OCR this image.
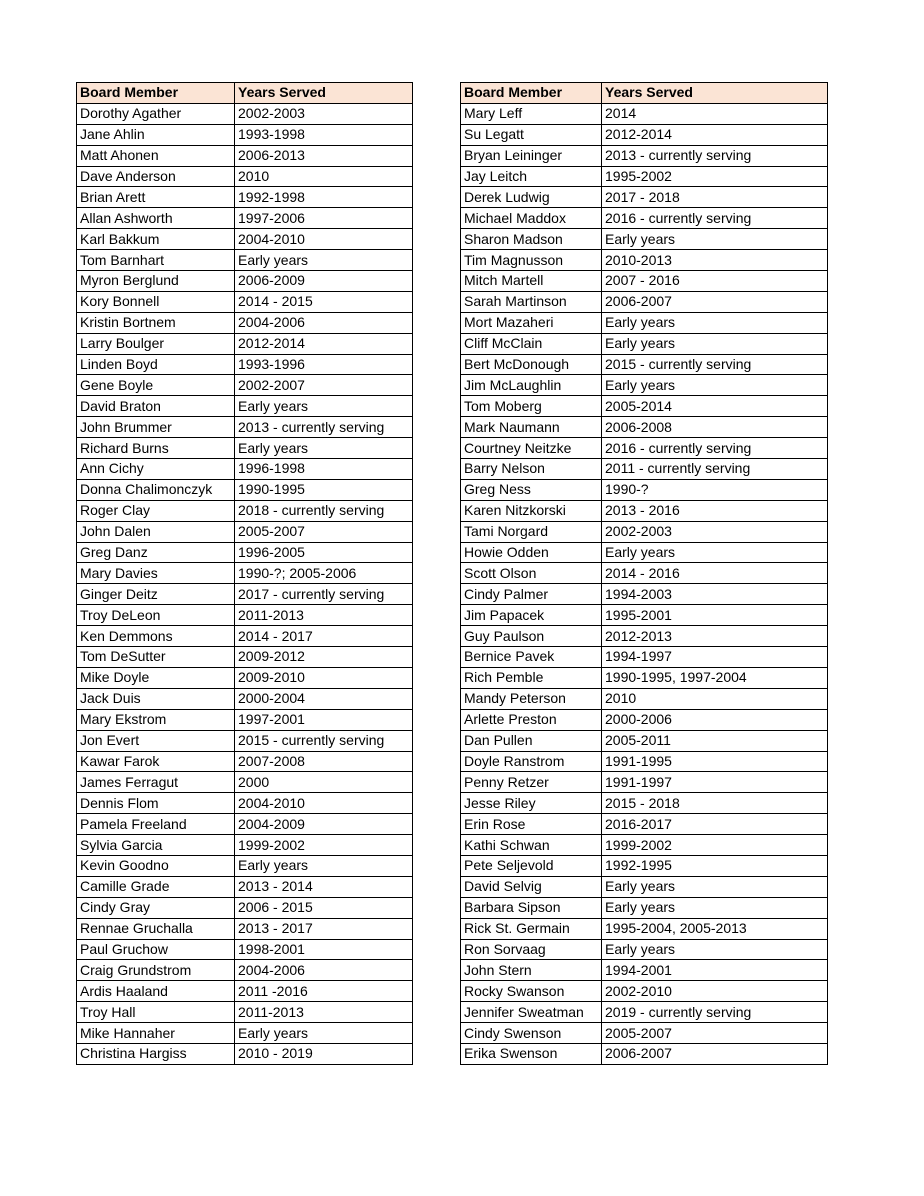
Board Member	Years Served
Dorothy Agather	2002-2003
Jane Ahlin	1993-1998
Matt Ahonen	2006-2013
Dave Anderson	2010
Brian Arett	1992-1998
Allan Ashworth	1997-2006
Karl Bakkum	2004-2010
Tom Barnhart	Early years
Myron Berglund	2006-2009
Kory Bonnell	2014 - 2015
Kristin Bortnem	2004-2006
Larry Boulger	2012-2014
Linden Boyd	1993-1996
Gene Boyle	2002-2007
David Braton	Early years
John Brummer	2013 - currently serving
Richard Burns	Early years
Ann Cichy	1996-1998
Donna Chalimonczyk	1990-1995
Roger Clay	2018 - currently serving
John Dalen	2005-2007
Greg Danz	1996-2005
Mary Davies	1990-?; 2005-2006
Ginger Deitz	2017 - currently serving
Troy DeLeon	2011-2013
Ken Demmons	2014 - 2017
Tom DeSutter	2009-2012
Mike Doyle	2009-2010
Jack Duis	2000-2004
Mary Ekstrom	1997-2001
Jon Evert	2015 - currently serving
Kawar Farok	2007-2008
James Ferragut	2000
Dennis Flom	2004-2010
Pamela Freeland	2004-2009
Sylvia Garcia	1999-2002
Kevin Goodno	Early years
Camille Grade	2013 - 2014
Cindy Gray	2006 - 2015
Rennae Gruchalla	2013 - 2017
Paul Gruchow	1998-2001
Craig Grundstrom	2004-2006
Ardis Haaland	2011 -2016
Troy Hall	2011-2013
Mike Hannaher	Early years
Christina Hargiss	2010 - 2019
Board Member	Years Served
Mary Leff	2014
Su Legatt	2012-2014
Bryan Leininger	2013 - currently serving
Jay Leitch	1995-2002
Derek Ludwig	2017 - 2018
Michael Maddox	2016 - currently serving
Sharon Madson	Early years
Tim Magnusson	2010-2013
Mitch Martell	2007 - 2016
Sarah Martinson	2006-2007
Mort Mazaheri	Early years
Cliff McClain	Early years
Bert McDonough	2015 - currently serving
Jim McLaughlin	Early years
Tom Moberg	2005-2014
Mark Naumann	2006-2008
Courtney Neitzke	2016 - currently serving
Barry Nelson	2011 - currently serving
Greg Ness	1990-?
Karen Nitzkorski	2013 - 2016
Tami Norgard	2002-2003
Howie Odden	Early years
Scott Olson	2014 - 2016
Cindy Palmer	1994-2003
Jim Papacek	1995-2001
Guy Paulson	2012-2013
Bernice Pavek	1994-1997
Rich Pemble	1990-1995, 1997-2004
Mandy Peterson	2010
Arlette Preston	2000-2006
Dan Pullen	2005-2011
Doyle Ranstrom	1991-1995
Penny Retzer	1991-1997
Jesse Riley	2015 - 2018
Erin Rose	2016-2017
Kathi Schwan	1999-2002
Pete Seljevold	1992-1995
David Selvig	Early years
Barbara Sipson	Early years
Rick St. Germain	1995-2004, 2005-2013
Ron Sorvaag	Early years
John Stern	1994-2001
Rocky Swanson	2002-2010
Jennifer Sweatman	2019 - currently serving
Cindy Swenson	2005-2007
Erika Swenson	2006-2007
